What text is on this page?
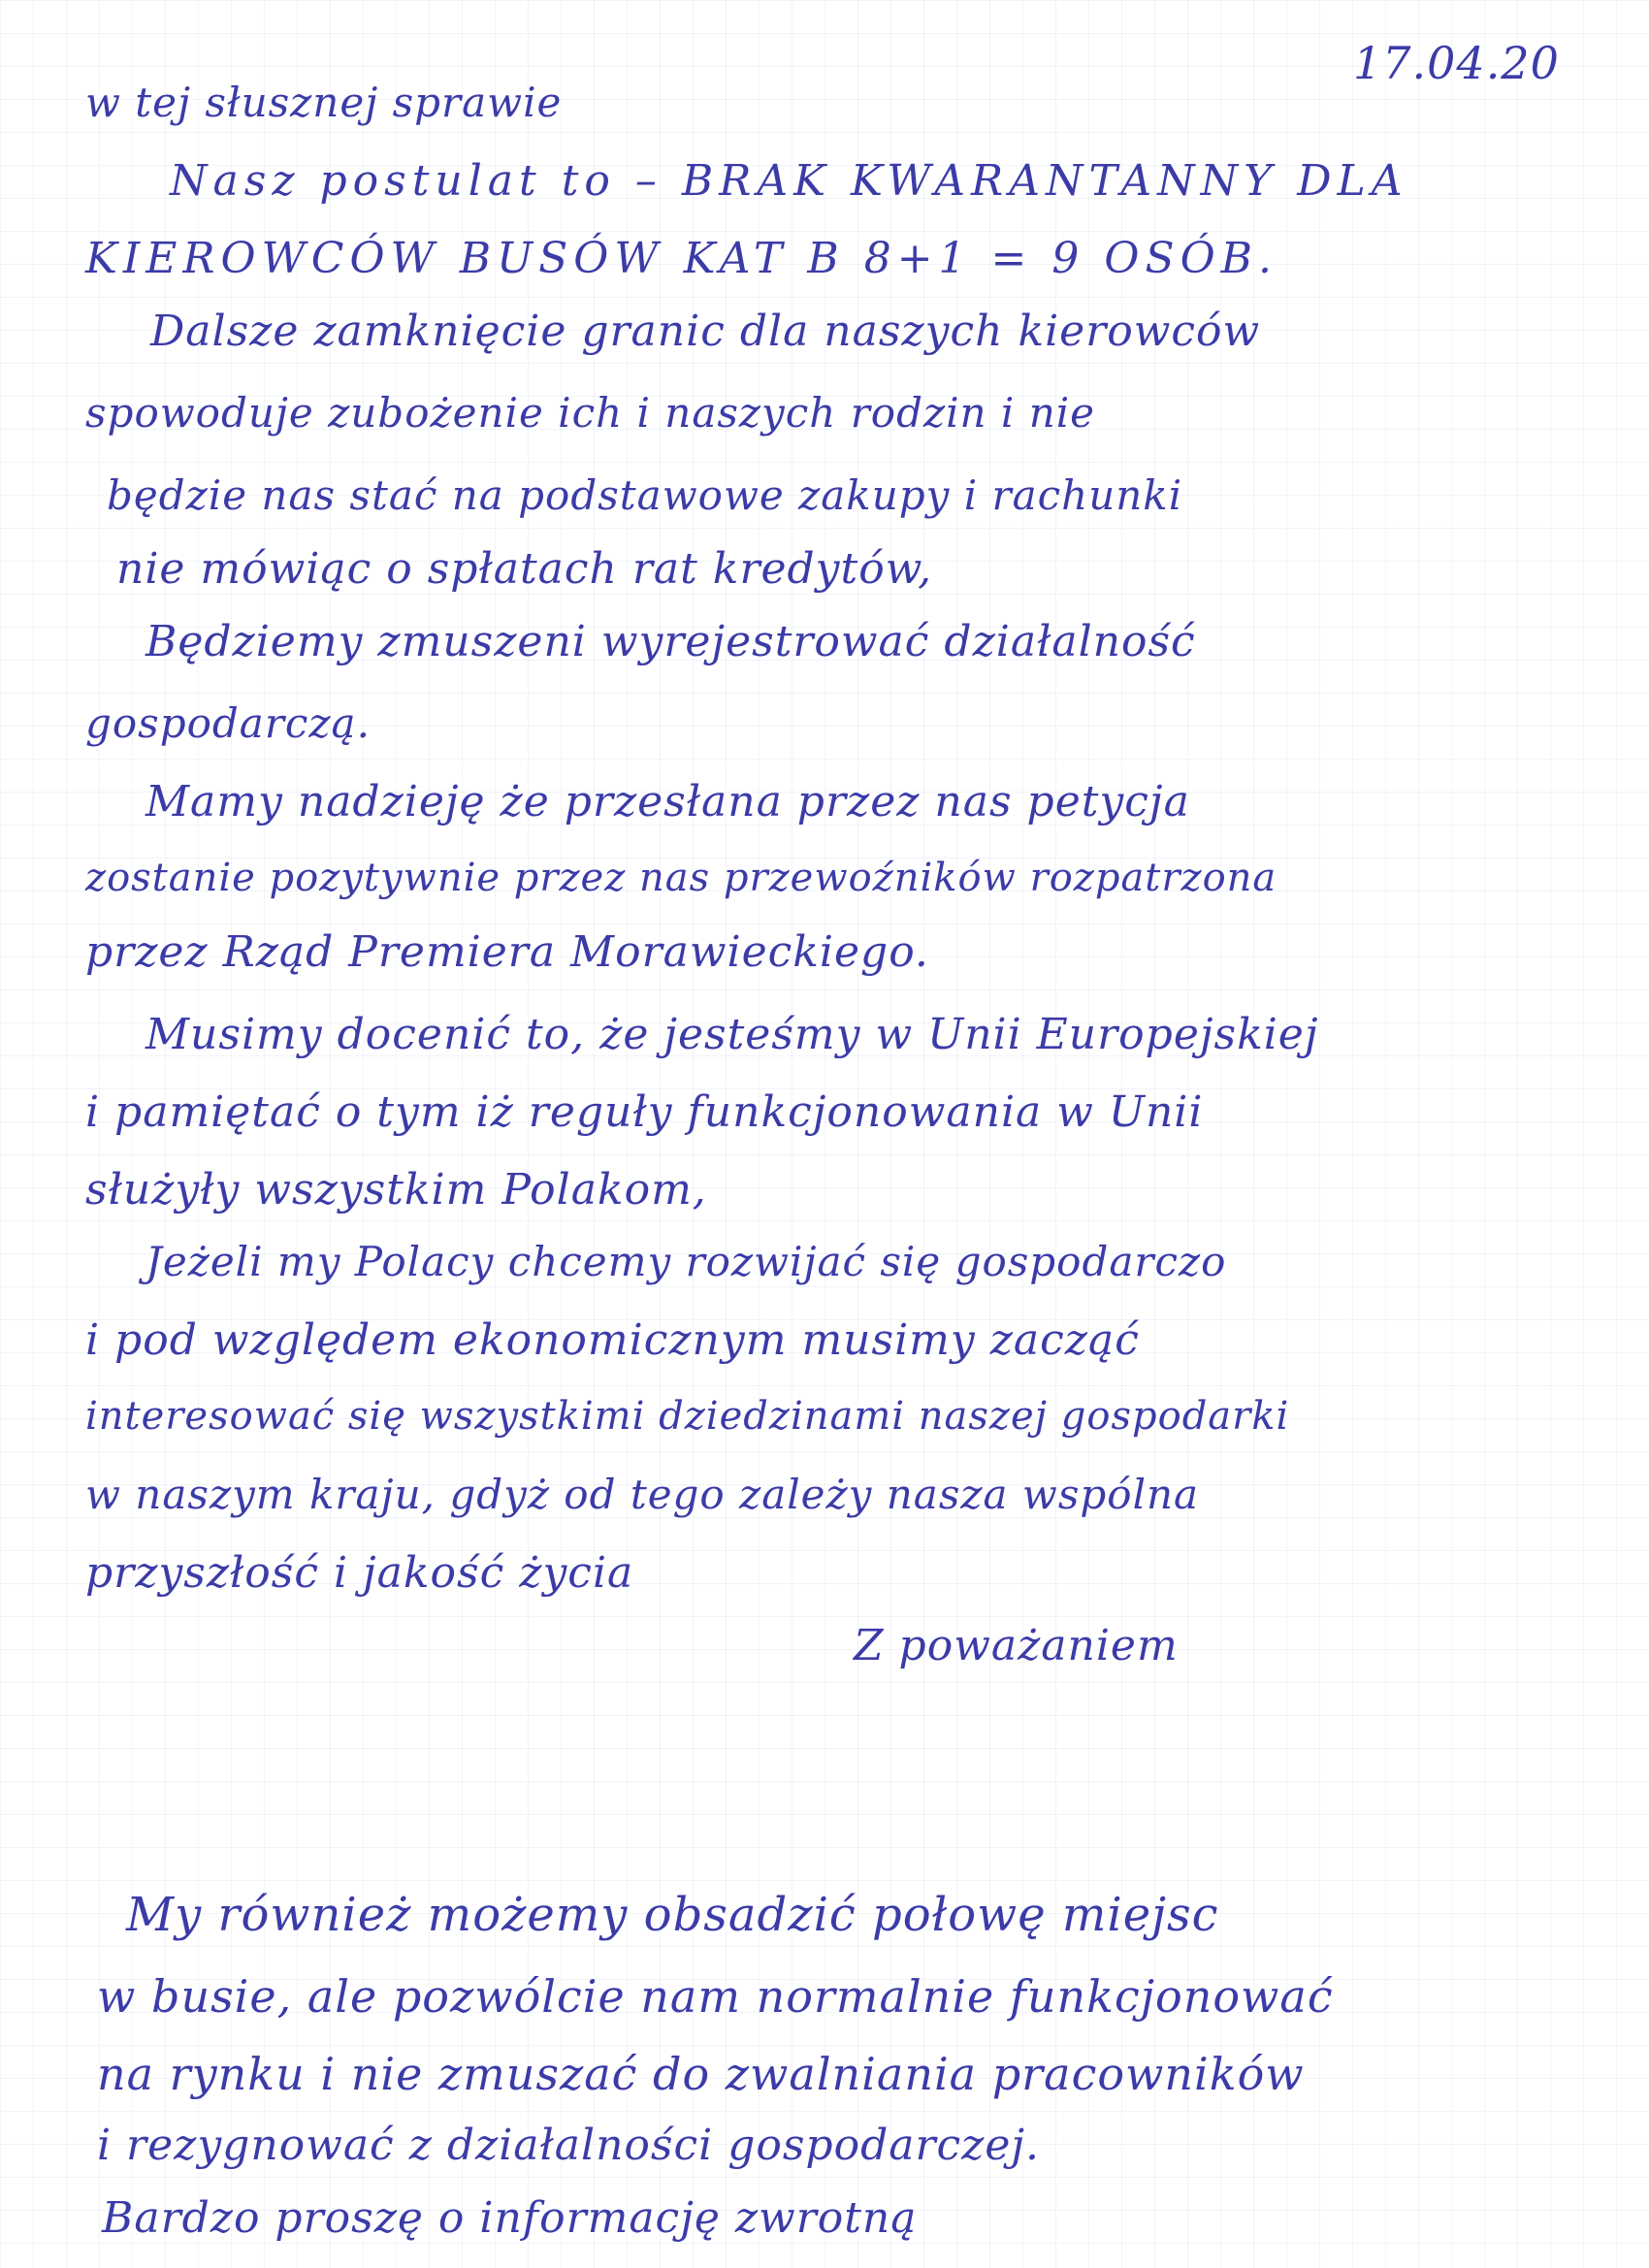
17.04.20
w tej słusznej sprawie
Nasz postulat to – BRAK KWARANTANNY DLA
KIEROWCÓW BUSÓW KAT B 8+1 = 9 OSÓB.
Dalsze zamknięcie granic dla naszych kierowców
spowoduje zubożenie ich i naszych rodzin i nie
będzie nas stać na podstawowe zakupy i rachunki
nie mówiąc o spłatach rat kredytów,
Będziemy zmuszeni wyrejestrować działalność
gospodarczą.
Mamy nadzieję że przesłana przez nas petycja
zostanie pozytywnie przez nas przewoźników rozpatrzona
przez Rząd Premiera Morawieckiego.
Musimy docenić to, że jesteśmy w Unii Europejskiej
i pamiętać o tym iż reguły funkcjonowania w Unii
służyły wszystkim Polakom,
Jeżeli my Polacy chcemy rozwijać się gospodarczo
i pod względem ekonomicznym musimy zacząć
interesować się wszystkimi dziedzinami naszej gospodarki
w naszym kraju, gdyż od tego zależy nasza wspólna
przyszłość i jakość życia
Z poważaniem
My również możemy obsadzić połowę miejsc
w busie, ale pozwólcie nam normalnie funkcjonować
na rynku i nie zmuszać do zwalniania pracowników
i rezygnować z działalności gospodarczej.
Bardzo proszę o informację zwrotną
